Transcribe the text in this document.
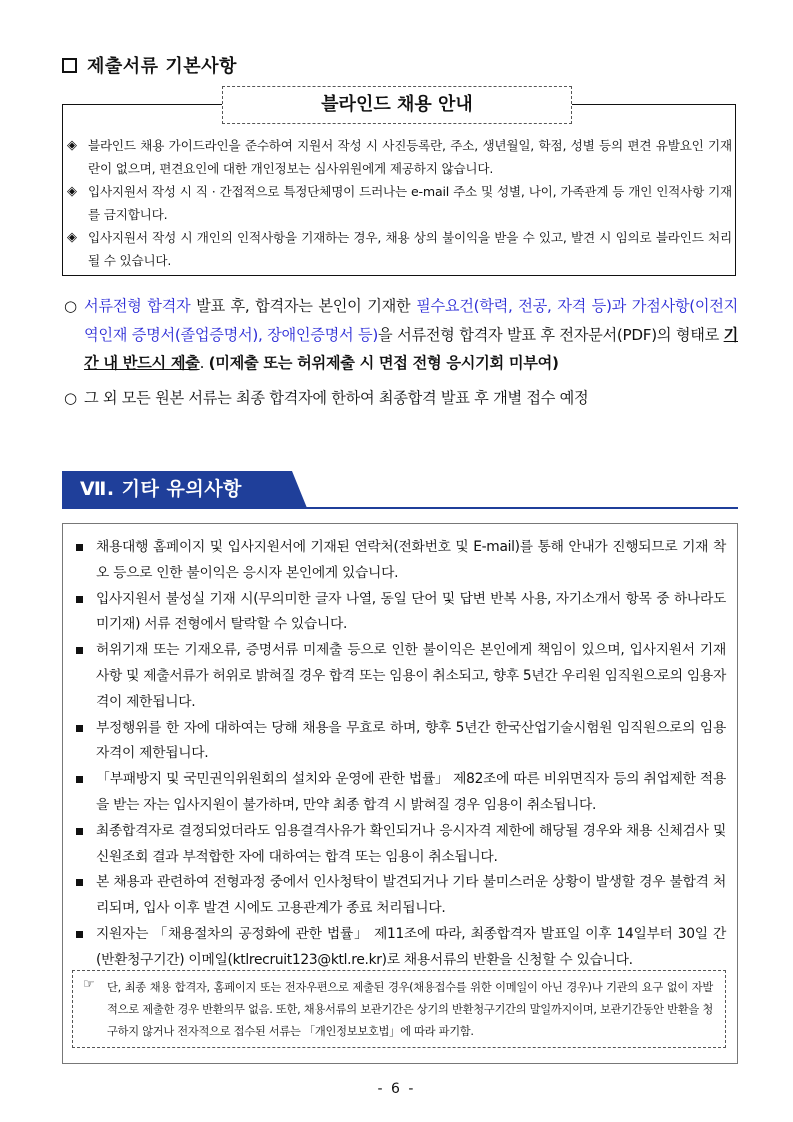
제출서류 기본사항
블라인드 채용 안내
◈ 블라인드 채용 가이드라인을 준수하여 지원서 작성 시 사진등록란, 주소, 생년월일, 학점, 성별 등의 편견 유발요인 기재란이 없으며, 편견요인에 대한 개인정보는 심사위원에게 제공하지 않습니다.
◈ 입사지원서 작성 시 직 · 간접적으로 특정단체명이 드러나는 e-mail 주소 및 성별, 나이, 가족관계 등 개인 인적사항 기재를 금지합니다.
◈ 입사지원서 작성 시 개인의 인적사항을 기재하는 경우, 채용 상의 불이익을 받을 수 있고, 발견 시 임의로 블라인드 처리될 수 있습니다.
○ 서류전형 합격자 발표 후, 합격자는 본인이 기재한 필수요건(학력, 전공, 자격 등)과 가점사항(이전지역인재 증명서(졸업증명서), 장애인증명서 등)을 서류전형 합격자 발표 후 전자문서(PDF)의 형태로 기간 내 반드시 제출. (미제출 또는 허위제출 시 면접 전형 응시기회 미부여)
○ 그 외 모든 원본 서류는 최종 합격자에 한하여 최종합격 발표 후 개별 접수 예정
Ⅶ. 기타 유의사항
채용대행 홈페이지 및 입사지원서에 기재된 연락처(전화번호 및 E-mail)를 통해 안내가 진행되므로 기재 착오 등으로 인한 불이익은 응시자 본인에게 있습니다.
입사지원서 불성실 기재 시(무의미한 글자 나열, 동일 단어 및 답변 반복 사용, 자기소개서 항목 중 하나라도 미기재) 서류 전형에서 탈락할 수 있습니다.
허위기재 또는 기재오류, 증명서류 미제출 등으로 인한 불이익은 본인에게 책임이 있으며, 입사지원서 기재사항 및 제출서류가 허위로 밝혀질 경우 합격 또는 임용이 취소되고, 향후 5년간 우리원 임직원으로의 임용자격이 제한됩니다.
부정행위를 한 자에 대하여는 당해 채용을 무효로 하며, 향후 5년간 한국산업기술시험원 임직원으로의 임용자격이 제한됩니다.
「부패방지 및 국민권익위원회의 설치와 운영에 관한 법률」 제82조에 따른 비위면직자 등의 취업제한 적용을 받는 자는 입사지원이 불가하며, 만약 최종 합격 시 밝혀질 경우 임용이 취소됩니다.
최종합격자로 결정되었더라도 임용결격사유가 확인되거나 응시자격 제한에 해당될 경우와 채용 신체검사 및 신원조회 결과 부적합한 자에 대하여는 합격 또는 임용이 취소됩니다.
본 채용과 관련하여 전형과정 중에서 인사청탁이 발견되거나 기타 불미스러운 상황이 발생할 경우 불합격 처리되며, 입사 이후 발견 시에도 고용관계가 종료 처리됩니다.
지원자는 「채용절차의 공정화에 관한 법률」 제11조에 따라, 최종합격자 발표일 이후 14일부터 30일 간(반환청구기간) 이메일(ktlrecruit123@ktl.re.kr)로 채용서류의 반환을 신청할 수 있습니다.
☞ 단, 최종 채용 합격자, 홈페이지 또는 전자우편으로 제출된 경우(채용접수를 위한 이메일이 아닌 경우)나 기관의 요구 없이 자발적으로 제출한 경우 반환의무 없음. 또한, 채용서류의 보관기간은 상기의 반환청구기간의 말일까지이며, 보관기간동안 반환을 청구하지 않거나 전자적으로 접수된 서류는 「개인정보보호법」에 따라 파기함.

- 6 -
